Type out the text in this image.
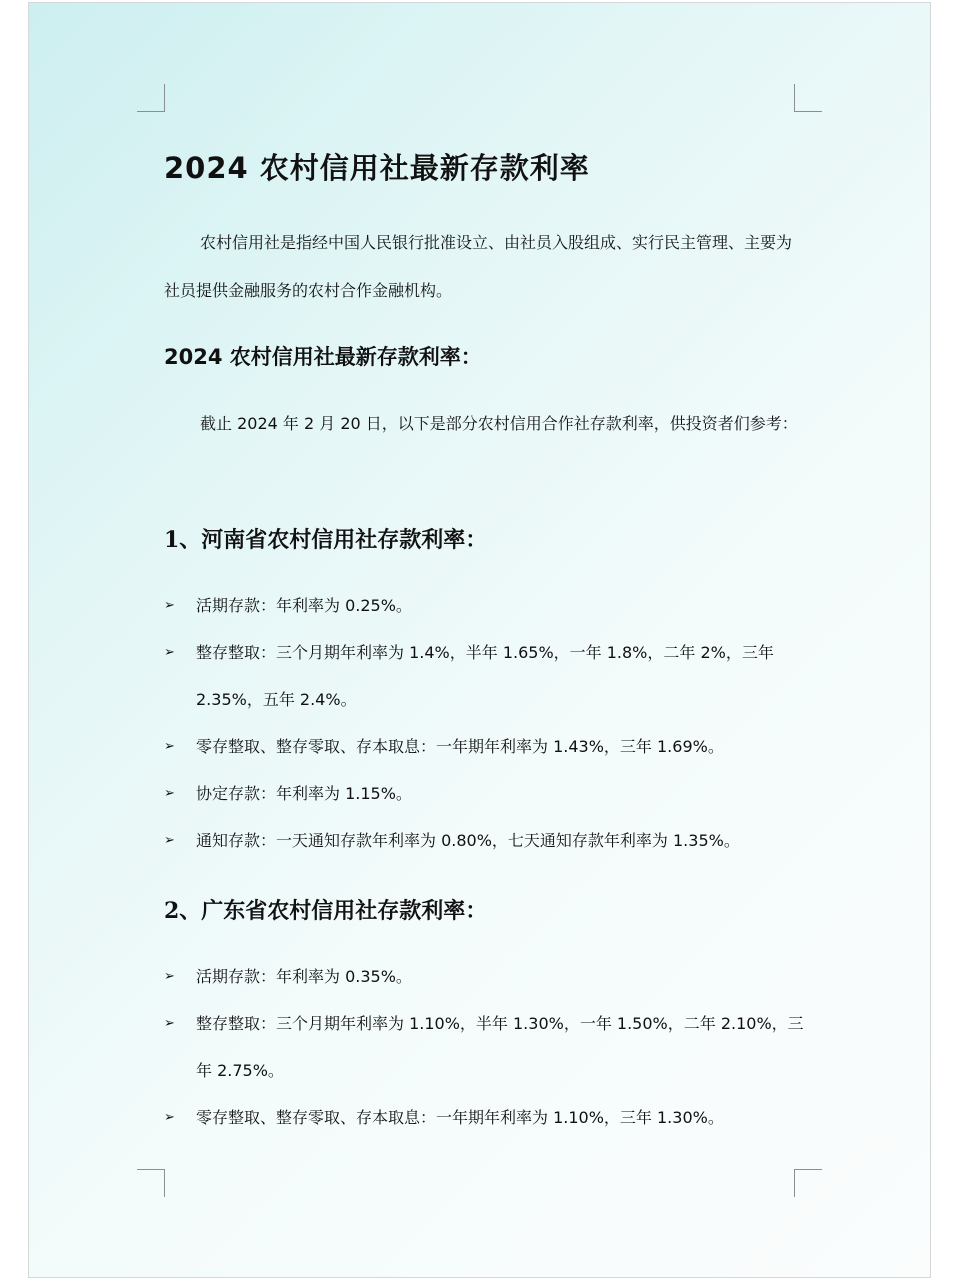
2024 农村信用社最新存款利率

农村信用社是指经中国人民银行批准设立、由社员入股组成、实行民主管理、主要为社员提供金融服务的农村合作金融机构。

2024 农村信用社最新存款利率：

截止 2024 年 2 月 20 日，以下是部分农村信用合作社存款利率，供投资者们参考：

1、河南省农村信用社存款利率：
➢ 活期存款：年利率为 0.25%。
➢ 整存整取：三个月期年利率为 1.4%，半年 1.65%，一年 1.8%，二年 2%，三年 2.35%，五年 2.4%。
➢ 零存整取、整存零取、存本取息：一年期年利率为 1.43%，三年 1.69%。
➢ 协定存款：年利率为 1.15%。
➢ 通知存款：一天通知存款年利率为 0.80%，七天通知存款年利率为 1.35%。
2、广东省农村信用社存款利率：
➢ 活期存款：年利率为 0.35%。
➢ 整存整取：三个月期年利率为 1.10%，半年 1.30%，一年 1.50%，二年 2.10%，三年 2.75%。
➢ 零存整取、整存零取、存本取息：一年期年利率为 1.10%，三年 1.30%。
